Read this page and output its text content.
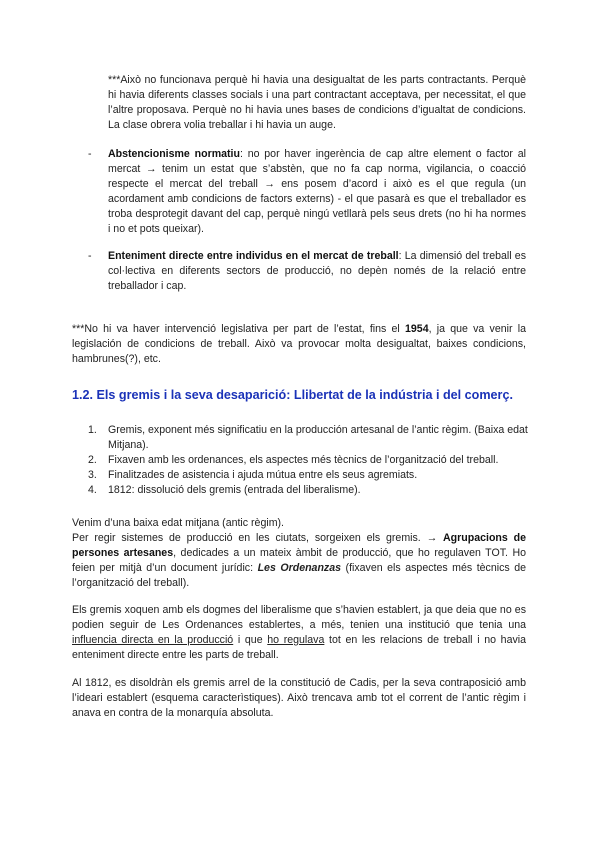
***Això no funcionava perquè hi havia una desigualtat de les parts contractants. Perquè hi havia diferents classes socials i una part contractant acceptava, per necessitat, el que l’altre proposava. Perquè no hi havia unes bases de condicions d’igualtat de condicions. La clase obrera volia treballar i hi havia un auge.

- Abstencionisme normatiu: no por haver ingerència de cap altre element o factor al mercat → tenim un estat que s’abstèn, que no fa cap norma, vigilancia, o coacció respecte el mercat del treball → ens posem d’acord i això es el que regula (un acordament amb condicions de factors externs) - el que pasarà es que el treballador es troba desprotegit davant del cap, perquè ningú vetllarà pels seus drets (no hi ha normes i no et pots queixar).

- Enteniment directe entre individus en el mercat de treball: La dimensió del treball es col·lectiva en diferents sectors de producció, no depèn només de la relació entre treballador i cap.

***No hi va haver intervenció legislativa per part de l’estat, fins el 1954, ja que va venir la legislación de condicions de treball. Això va provocar molta desigualtat, baixes condicions, hambrunes(?), etc.

1.2. Els gremis i la seva desaparició: Llibertat de la indústria i del comerç.
1. Gremis, exponent més significatiu en la producción artesanal de l’antic règim. (Baixa edat Mitjana).
2. Fixaven amb les ordenances, els aspectes més tècnics de l’organització del treball.
3. Finalitzades de asistencia i ajuda mútua entre els seus agremiats.
4. 1812: dissolució dels gremis (entrada del liberalisme).

Venim d’una baixa edat mitjana (antic règim).

Per regir sistemes de producció en les ciutats, sorgeixen els gremis. → Agrupacions de persones artesanes, dedicades a un mateix àmbit de producció, que ho regulaven TOT. Ho feien per mitjà d’un document jurídic: Les Ordenanzas (fixaven els aspectes més tècnics de l’organització del treball).

Els gremis xoquen amb els dogmes del liberalisme que s’havien establert, ja que deia que no es podien seguir de Les Ordenances establertes, a més, tenien una institució que tenia una influencia directa en la producció i que ho regulava tot en les relacions de treball i no havia enteniment directe entre les parts de treball.

Al 1812, es disoldràn els gremis arrel de la constitució de Cadis, per la seva contraposició amb l’ideari establert (esquema caracterìstiques). Això trencava amb tot el corrent de l’antic règim i anava en contra de la monarquía absoluta.
